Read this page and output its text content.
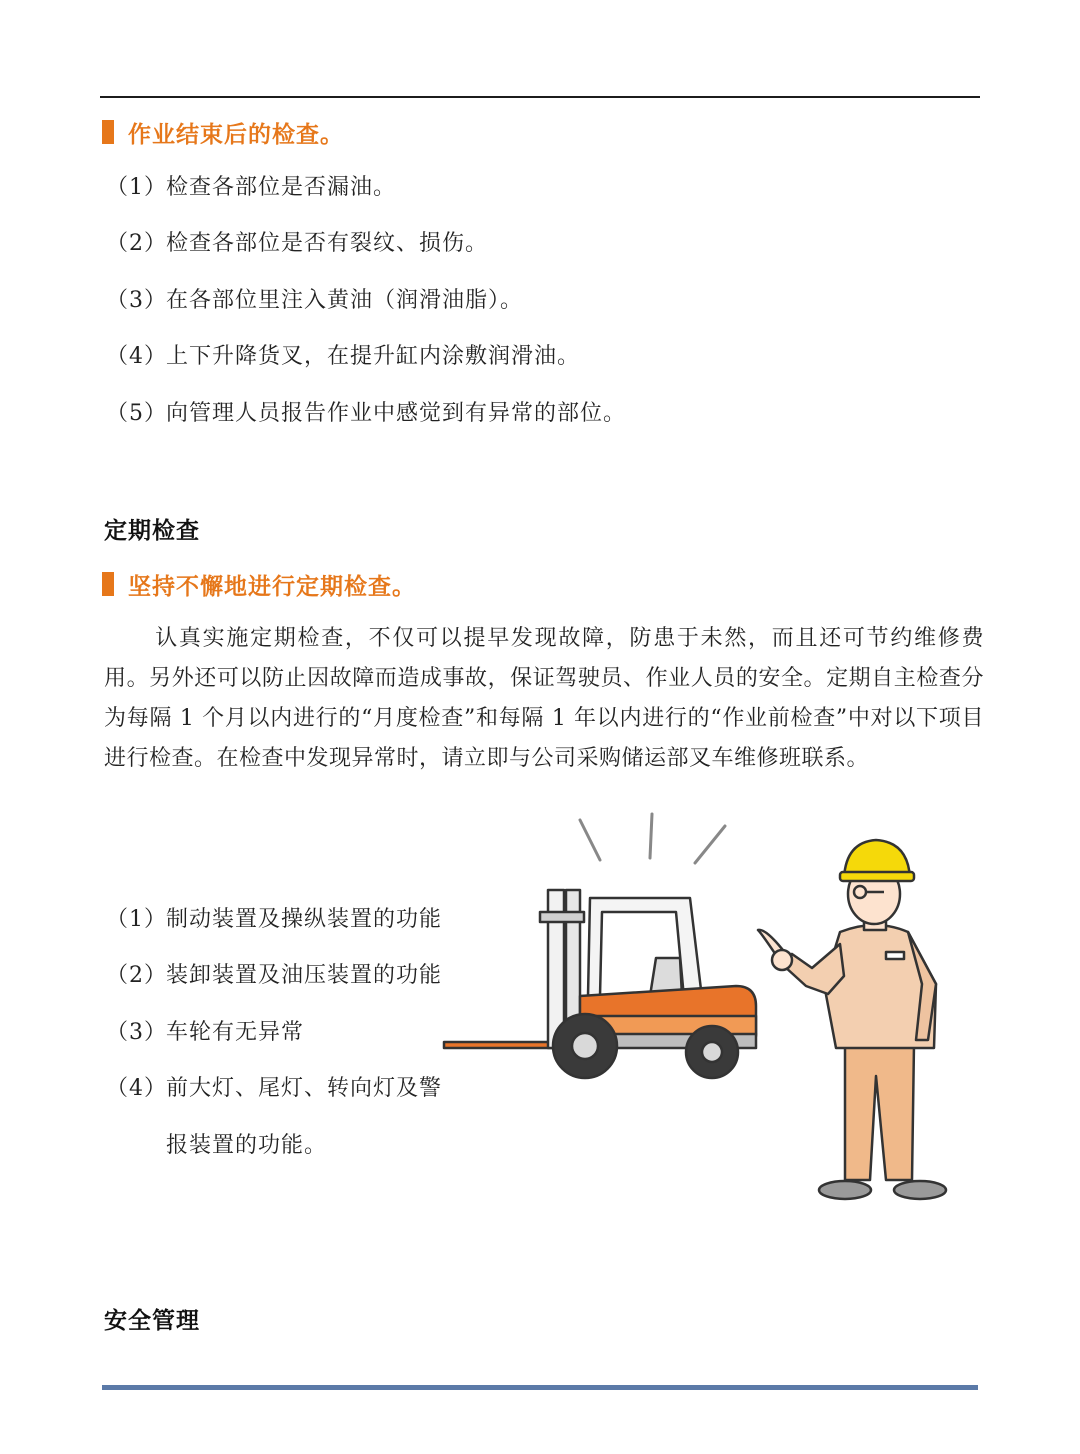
作业结束后的检查。
（1）检查各部位是否漏油。
（2）检查各部位是否有裂纹、损伤。
（3）在各部位里注入黄油（润滑油脂）。
（4）上下升降货叉，在提升缸内涂敷润滑油。
（5）向管理人员报告作业中感觉到有异常的部位。
定期检查
坚持不懈地进行定期检查。
认真实施定期检查，不仅可以提早发现故障，防患于未然，而且还可节约维修费用。另外还可以防止因故障而造成事故，保证驾驶员、作业人员的安全。定期自主检查分为每隔 1 个月以内进行的“月度检查”和每隔 1 年以内进行的“作业前检查”中对以下项目进行检查。在检查中发现异常时，请立即与公司采购储运部叉车维修班联系。
（1）制动装置及操纵装置的功能
（2）装卸装置及油压装置的功能
（3）车轮有无异常
（4）前大灯、尾灯、转向灯及警
报装置的功能。
安全管理
